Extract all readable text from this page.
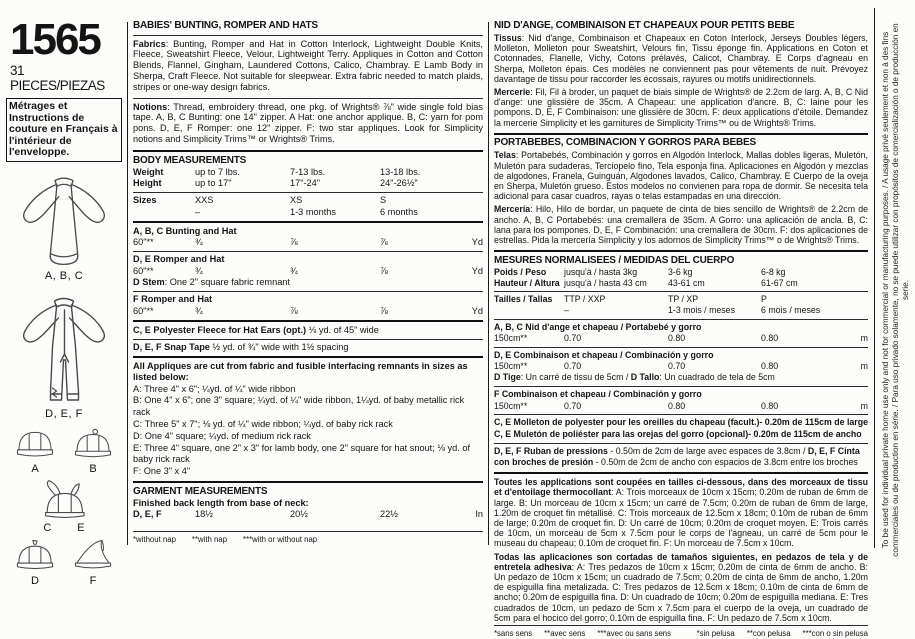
1565
31 PIECES/PIEZAS
Métrages et Instructions de couture en Français à l'intérieur de l'enveloppe.
A, B, C
D, E, F
A	B
C E
D	F
BABIES' BUNTING, ROMPER AND HATS

Fabrics: Bunting, Romper and Hat in Cotton Interlock, Lightweight Double Knits, Fleece, Sweatshirt Fleece, Velour, Lightweight Terry. Appliques in Cotton and Cotton Blends, Flannel, Gingham, Laundered Cottons, Calico, Chambray. E Lamb Body in Sherpa, Craft Fleece. Not suitable for sleepwear. Extra fabric needed to match plaids, stripes or one-way design fabrics.

Notions: Thread, embroidery thread, one pkg. of Wrights® ⅞" wide single fold bias tape. A, B, C Bunting: one 14" zipper. A Hat: one anchor applique. B, C: yarn for pom pons. D, E, F Romper: one 12" zipper. F: two star appliques. Look for Simplicity notions and Simplicity Trims™ or Wrights® Trims.

BODY MEASUREMENTS
Weight	up to 7 lbs.	7-13 lbs.	13-18 lbs.
Height	up to 17"	17"-24"	24"-26½"
Sizes	XXS	XS	S
–	1-3 months	6 months
A, B, C Bunting and Hat
60"**	¾	⅞	⅞	Yd
D, E Romper and Hat
60"**	¾	¾	⅞	Yd
D Stem: One 2" square fabric remnant
F Romper and Hat
60"**	¾	⅞	⅞	Yd
C, E Polyester Fleece for Hat Ears (opt.) ⅛ yd. of 45" wide
D, E, F Snap Tape ½ yd. of ¾" wide with 1½ spacing
All Appliques are cut from fabric and fusible interfacing remnants in sizes as listed below:
A: Three 4" x 6"; ¼yd. of ¼" wide ribbon
B: One 4" x 6"; one 3" square; ¼yd. of ¼" wide ribbon, 1¼yd. of baby metallic rick rack
C: Three 5" x 7"; ⅛ yd. of ¼" wide ribbon; ¼yd. of baby rick rack
D: One 4" square; ¼yd. of medium rick rack
E: Three 4" square, one 2" x 3" for lamb body, one 2" square for hat snout; ⅛ yd. of baby rick rack
F: One 3" x 4"
GARMENT MEASUREMENTS
Finished back length from base of neck:
D, E, F	18½	20½	22½	In
*without nap **with nap ***with or without nap
NID D'ANGE, COMBINAISON ET CHAPEAUX POUR PETITS BEBE

Tissus: Nid d'ange, Combinaison et Chapeaux en Coton Interlock, Jerseys Doubles légers, Molleton, Molleton pour Sweatshirt, Velours fin, Tissu éponge fin. Applications en Coton et Cotonnades, Flanelle, Vichy, Cotons prélavés, Calicot, Chambray. E Corps d'agneau en Sherpa, Molleton épais. Ces modèles ne conviennent pas pour vêtements de nuit. Prévoyez davantage de tissu pour raccorder les écossais, rayures ou motifs unidirectionnels.

Mercerie: Fil, Fil à broder, un paquet de biais simple de Wrights® de 2.2cm de larg. A, B, C Nid d'ange: une glissière de 35cm. A Chapeau: une application d'ancre. B, C: laine pour les pompons. D, E, F Combinaison: une glissière de 30cm. F: deux applications d'étoile. Demandez la mercerie Simplicity et les garnitures de Simplicity Trims™ ou de Wrights® Trims.

PORTABEBES, COMBINACION Y GORROS PARA BEBES

Telas: Portabebés, Combinación y gorros en Algodón Interlock, Mallas dobles ligeras, Muletón, Muletón para sudaderas, Terciopelo fino, Tela esponja fina. Aplicaciones en Algodón y mezclas de algodones, Franela, Guinguán, Algodones lavados, Calico, Chambray. E Cuerpo de la oveja en Sherpa, Muletón grueso. Estos modelos no convienen para ropa de dormir. Se necesita tela adicional para casar cuadros, rayas o telas estampadas en una dirección.

Mercería: Hilo, Hilo de bordar, un paquete de cinta de bies sencillo de Wrights® de 2.2cm de ancho. A, B, C Portabebés: una cremallera de 35cm. A Gorro: una aplicación de ancla. B, C: lana para los pompones. D, E, F Combinación: una cremallera de 30cm. F: dos aplicaciones de estrellas. Pida la mercería Simplicity y los adornos de Simplicity Trims™ o de Wrights® Trims.

MESURES NORMALISEES / MEDIDAS DEL CUERPO
Poids / Peso	jusqu'à / hasta 3kg	3-6 kg	6-8 kg
Hauteur / Altura jusqu'à / hasta 43 cm	43-61 cm	61-67 cm
Tailles / Tallas	TTP / XXP	TP / XP	P
–	1-3 mois / meses	6 mois / meses
A, B, C Nid d'ange et chapeau / Portabebé y gorro
150cm**	0.70	0.80	0.80	m
D, E Combinaison et chapeau / Combinación y gorro
150cm**	0.70	0.70	0.80	m
D Tige: Un carré de tissu de 5cm / D Tallo: Un cuadrado de tela de 5cm
F Combinaison et chapeau / Combinación y gorro
150cm**	0.70	0.80	0.80	m
C, E Molleton de polyester pour les oreilles du chapeau (facult.)- 0.20m de 115cm de large
C, E Muletón de poliéster para las orejas del gorro (opcional)- 0.20m de 115cm de ancho
D, E, F Ruban de pressions - 0.50m de 2cm de large avec espaces de 3.8cm / D, E, F Cinta con broches de presión - 0.50m de 2cm de ancho con espacios de 3.8cm entre los broches

Toutes les applications sont coupées en tailles ci-dessous, dans des morceaux de tissu et d'entoilage thermocollant: A: Trois morceaux de 10cm x 15cm; 0.20m de ruban de 6mm de large. B: Un morceau de 10cm x 15cm; un carré de 7.5cm; 0.20m de ruban de 6mm de large, 1.20m de croquet fin métallisé. C: Trois morceaux de 12.5cm x 18cm; 0.10m de ruban de 6mm de large; 0.20m de croquet fin. D: Un carré de 10cm; 0.20m de croquet moyen. E: Trois carrés de 10cm, un morceau de 5cm x 7.5cm pour le corps de l'agneau, un carré de 5cm pour le museau du chapeau; 0.10m de croquet fin. F: Un morceau de 7.5cm x 10cm.

Todas las aplicaciones son cortadas de tamaños siguientes, en pedazos de tela y de entretela adhesiva: A: Tres pedazos de 10cm x 15cm; 0.20m de cinta de 6mm de ancho. B: Un pedazo de 10cm x 15cm; un cuadrado de 7.5cm; 0.20m de cinta de 6mm de ancho, 1.20m de espiguilla fina metalizada. C: Tres pedazos de 12.5cm x 18cm; 0.10m de cinta de 6mm de ancho; 0.20m de espiguilla fina. D: Un cuadrado de 10cm; 0.20m de espiguilla mediana. E: Tres cuadrados de 10cm, un pedazo de 5cm x 7.5cm para el cuerpo de la oveja, un cuadrado de 5cm para el hocico del gorro; 0.10m de espiguilla fina. F: Un pedazo de 7.5cm x 10cm.

*sans sens **avec sens ***avec ou sans sens	*sin pelusa **con pelusa ***con o sin pelusa
To be used for individual private home use only and not for commercial or manufacturing purposes. / A usage privé seulement et non à des fins commerciales ou de production en série. / Para uso privado solamente, no se puede utilizar con propósitos de comercialización o de producción en serie.
